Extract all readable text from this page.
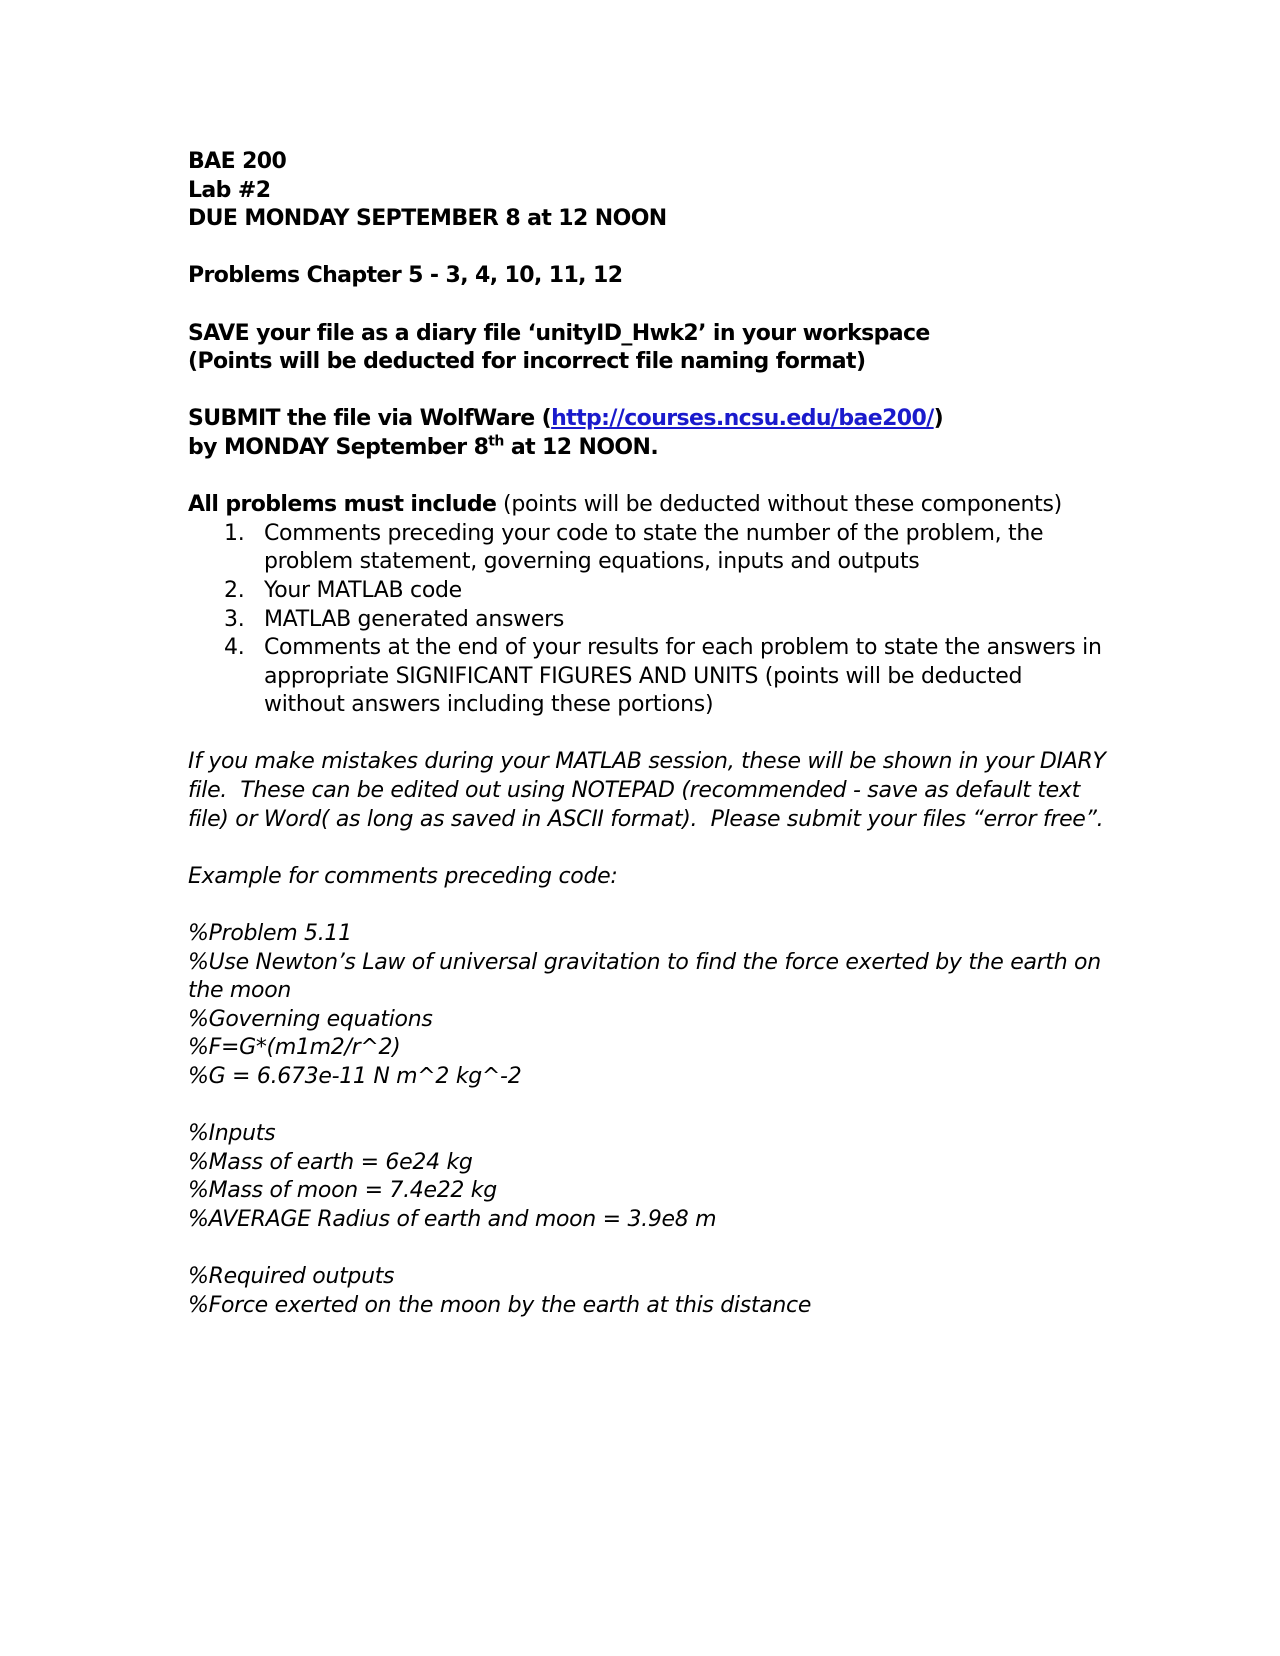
BAE 200
Lab #2
DUE MONDAY SEPTEMBER 8 at 12 NOON
Problems Chapter 5 - 3, 4, 10, 11, 12
SAVE your file as a diary file ‘unityID_Hwk2’ in your workspace
(Points will be deducted for incorrect file naming format)
SUBMIT the file via WolfWare (http://courses.ncsu.edu/bae200/)
by MONDAY September 8th at 12 NOON.
All problems must include (points will be deducted without these components)
1. Comments preceding your code to state the number of the problem, the problem statement, governing equations, inputs and outputs
2. Your MATLAB code
3. MATLAB generated answers
4. Comments at the end of your results for each problem to state the answers in appropriate SIGNIFICANT FIGURES AND UNITS (points will be deducted without answers including these portions)
If you make mistakes during your MATLAB session, these will be shown in your DIARY file.  These can be edited out using NOTEPAD (recommended - save as default text file) or Word( as long as saved in ASCII format).  Please submit your files “error free”.
Example for comments preceding code:
%Problem 5.11
%Use Newton’s Law of universal gravitation to find the force exerted by the earth on the moon
%Governing equations
%F=G*(m1m2/r^2)
%G = 6.673e-11 N m^2 kg^-2
%Inputs
%Mass of earth = 6e24 kg
%Mass of moon = 7.4e22 kg
%AVERAGE Radius of earth and moon = 3.9e8 m
%Required outputs
%Force exerted on the moon by the earth at this distance
